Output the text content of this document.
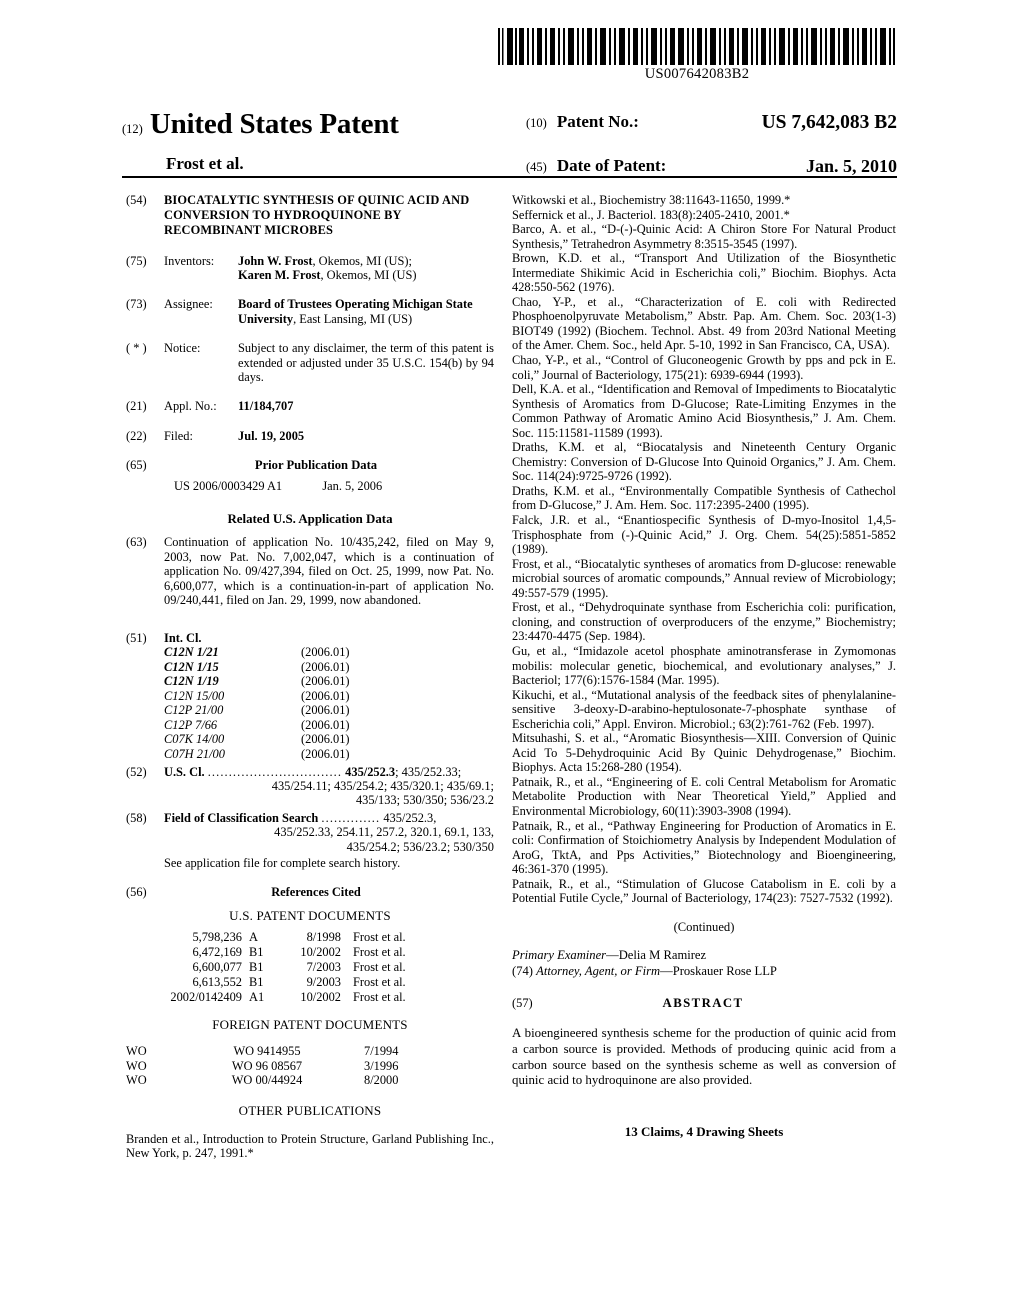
US007642083B2
(12) United States Patent	(10) Patent No.:	US 7,642,083 B2
Frost et al.	(45) Date of Patent:	Jan. 5, 2010
(54)	BIOCATALYTIC SYNTHESIS OF QUINIC ACID AND CONVERSION TO HYDROQUINONE BY RECOMBINANT MICROBES
(75)	Inventors:	John W. Frost, Okemos, MI (US);
Karen M. Frost, Okemos, MI (US)
(73)	Assignee:	Board of Trustees Operating Michigan State University, East Lansing, MI (US)
( * )	Notice:	Subject to any disclaimer, the term of this patent is extended or adjusted under 35 U.S.C. 154(b) by 94 days.
(21)	Appl. No.:	11/184,707
(22)	Filed:	Jul. 19, 2005
(65)	Prior Publication Data
US 2006/0003429 A1	Jan. 5, 2006
Related U.S. Application Data
(63)	Continuation of application No. 10/435,242, filed on May 9, 2003, now Pat. No. 7,002,047, which is a continuation of application No. 09/427,394, filed on Oct. 25, 1999, now Pat. No. 6,600,077, which is a continuation-in-part of application No. 09/240,441, filed on Jan. 29, 1999, now abandoned.
(51)	Int. Cl.
C12N 1/21	(2006.01)
C12N 1/15	(2006.01)
C12N 1/19	(2006.01)
C12N 15/00	(2006.01)
C12P 21/00	(2006.01)
C12P 7/66	(2006.01)
C07K 14/00	(2006.01)
C07H 21/00	(2006.01)
(52)	U.S. Cl. ................................ 435/252.3; 435/252.33;
435/254.11; 435/254.2; 435/320.1; 435/69.1;
435/133; 530/350; 536/23.2
(58)	Field of Classification Search .............. 435/252.3,
435/252.33, 254.11, 257.2, 320.1, 69.1, 133,
435/254.2; 536/23.2; 530/350
See application file for complete search history.
(56)	References Cited
U.S. PATENT DOCUMENTS
5,798,236 A	8/1998 Frost et al.
6,472,169 B1	10/2002 Frost et al.
6,600,077 B1	7/2003 Frost et al.
6,613,552 B1	9/2003 Frost et al.
2002/0142409 A1	10/2002 Frost et al.
FOREIGN PATENT DOCUMENTS
WO	WO 9414955	7/1994
WO	WO 96 08567	3/1996
WO	WO 00/44924	8/2000
OTHER PUBLICATIONS
Branden et al., Introduction to Protein Structure, Garland Publishing Inc., New York, p. 247, 1991.*
Witkowski et al., Biochemistry 38:11643-11650, 1999.*
Seffernick et al., J. Bacteriol. 183(8):2405-2410, 2001.*
Barco, A. et al., “D-(-)-Quinic Acid: A Chiron Store For Natural Product Synthesis,” Tetrahedron Asymmetry 8:3515-3545 (1997).
Brown, K.D. et al., “Transport And Utilization of the Biosynthetic Intermediate Shikimic Acid in Escherichia coli,” Biochim. Biophys. Acta 428:550-562 (1976).
Chao, Y-P., et al., “Characterization of E. coli with Redirected Phosphoenolpyruvate Metabolism,” Abstr. Pap. Am. Chem. Soc. 203(1-3) BIOT49 (1992) (Biochem. Technol. Abst. 49 from 203rd National Meeting of the Amer. Chem. Soc., held Apr. 5-10, 1992 in San Francisco, CA, USA).
Chao, Y-P., et al., “Control of Gluconeogenic Growth by pps and pck in E. coli,” Journal of Bacteriology, 175(21): 6939-6944 (1993).
Dell, K.A. et al., “Identification and Removal of Impediments to Biocatalytic Synthesis of Aromatics from D-Glucose; Rate-Limiting Enzymes in the Common Pathway of Aromatic Amino Acid Biosynthesis,” J. Am. Chem. Soc. 115:11581-11589 (1993).
Draths, K.M. et al, “Biocatalysis and Nineteenth Century Organic Chemistry: Conversion of D-Glucose Into Quinoid Organics,” J. Am. Chem. Soc. 114(24):9725-9726 (1992).
Draths, K.M. et al., “Environmentally Compatible Synthesis of Cathechol from D-Glucose,” J. Am. Hem. Soc. 117:2395-2400 (1995).
Falck, J.R. et al., “Enantiospecific Synthesis of D-myo-Inositol 1,4,5-Trisphosphate from (-)-Quinic Acid,” J. Org. Chem. 54(25):5851-5852 (1989).
Frost, et al., “Biocatalytic syntheses of aromatics from D-glucose: renewable microbial sources of aromatic compounds,” Annual review of Microbiology; 49:557-579 (1995).
Frost, et al., “Dehydroquinate synthase from Escherichia coli: purification, cloning, and construction of overproducers of the enzyme,” Biochemistry; 23:4470-4475 (Sep. 1984).
Gu, et al., “Imidazole acetol phosphate aminotransferase in Zymomonas mobilis: molecular genetic, biochemical, and evolutionary analyses,” J. Bacteriol; 177(6):1576-1584 (Mar. 1995).
Kikuchi, et al., “Mutational analysis of the feedback sites of phenylalanine-sensitive 3-deoxy-D-arabino-heptulosonate-7-phosphate synthase of Escherichia coli,” Appl. Environ. Microbiol.; 63(2):761-762 (Feb. 1997).
Mitsuhashi, S. et al., “Aromatic Biosynthesis—XIII. Conversion of Quinic Acid To 5-Dehydroquinic Acid By Quinic Dehydrogenase,” Biochim. Biophys. Acta 15:268-280 (1954).
Patnaik, R., et al., “Engineering of E. coli Central Metabolism for Aromatic Metabolite Production with Near Theoretical Yield,” Applied and Environmental Microbiology, 60(11):3903-3908 (1994).
Patnaik, R., et al., “Pathway Engineering for Production of Aromatics in E. coli: Confirmation of Stoichiometry Analysis by Independent Modulation of AroG, TktA, and Pps Activities,” Biotechnology and Bioengineering, 46:361-370 (1995).
Patnaik, R., et al., “Stimulation of Glucose Catabolism in E. coli by a Potential Futile Cycle,” Journal of Bacteriology, 174(23): 7527-7532 (1992).
(Continued)
Primary Examiner—Delia M Ramirez
(74) Attorney, Agent, or Firm—Proskauer Rose LLP
(57)	ABSTRACT
A bioengineered synthesis scheme for the production of quinic acid from a carbon source is provided. Methods of producing quinic acid from a carbon source based on the synthesis scheme as well as conversion of quinic acid to hydroquinone are also provided.
13 Claims, 4 Drawing Sheets
